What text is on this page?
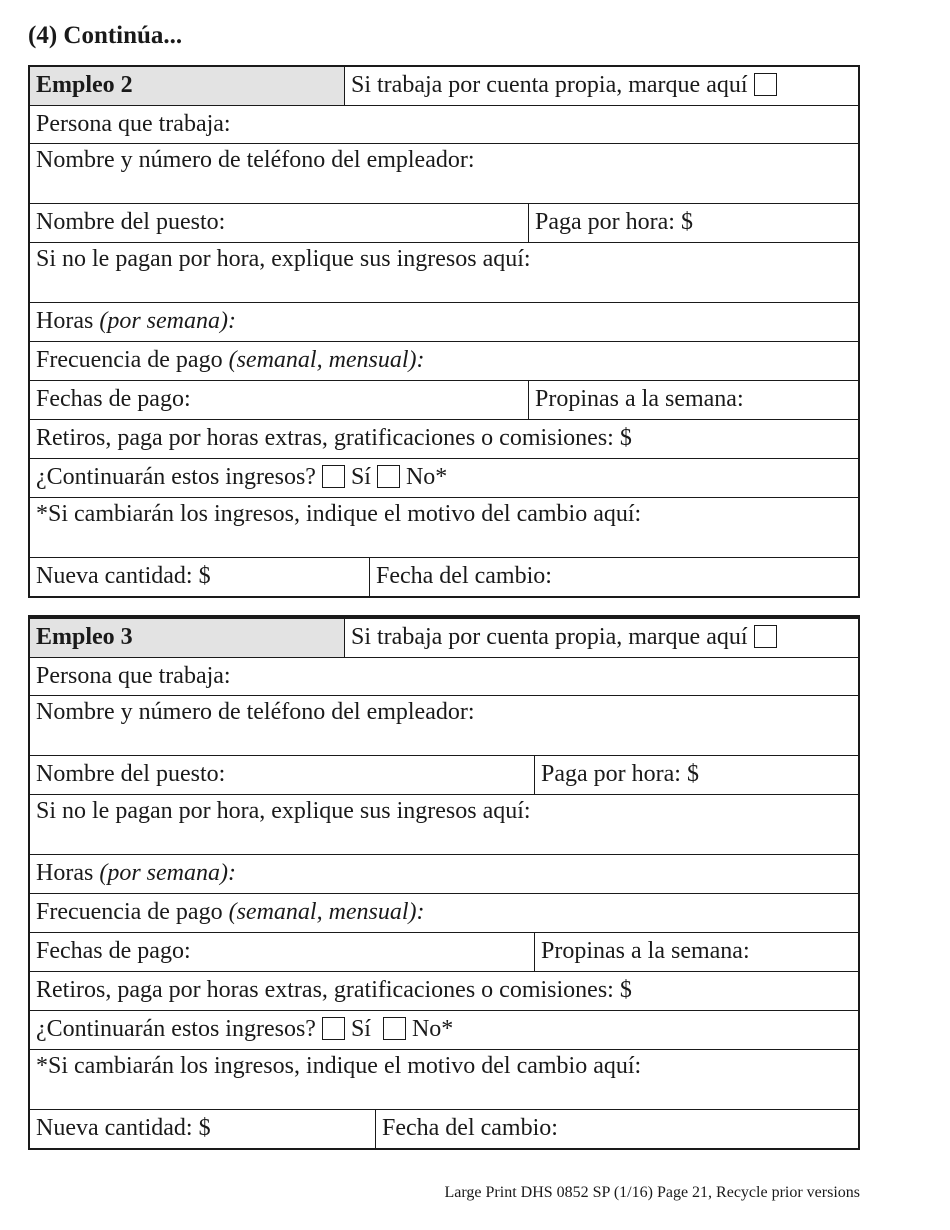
(4) Continúa...
Empleo 2	Si trabaja por cuenta propia, marque aquí
Persona que trabaja:
Nombre y número de teléfono del empleador:
Nombre del puesto:	Paga por hora: $
Si no le pagan por hora, explique sus ingresos aquí:
Horas (por semana):
Frecuencia de pago (semanal, mensual):
Fechas de pago:	Propinas a la semana:
Retiros, paga por horas extras, gratificaciones o comisiones: $
¿Continuarán estos ingresos? Sí No*
*Si cambiarán los ingresos, indique el motivo del cambio aquí:
Nueva cantidad: $	Fecha del cambio:
Empleo 3	Si trabaja por cuenta propia, marque aquí
Persona que trabaja:
Nombre y número de teléfono del empleador:
Nombre del puesto:	Paga por hora: $
Si no le pagan por hora, explique sus ingresos aquí:
Horas (por semana):
Frecuencia de pago (semanal, mensual):
Fechas de pago:	Propinas a la semana:
Retiros, paga por horas extras, gratificaciones o comisiones: $
¿Continuarán estos ingresos? Sí No*
*Si cambiarán los ingresos, indique el motivo del cambio aquí:
Nueva cantidad: $	Fecha del cambio:
Large Print DHS 0852 SP (1/16) Page 21, Recycle prior versions
